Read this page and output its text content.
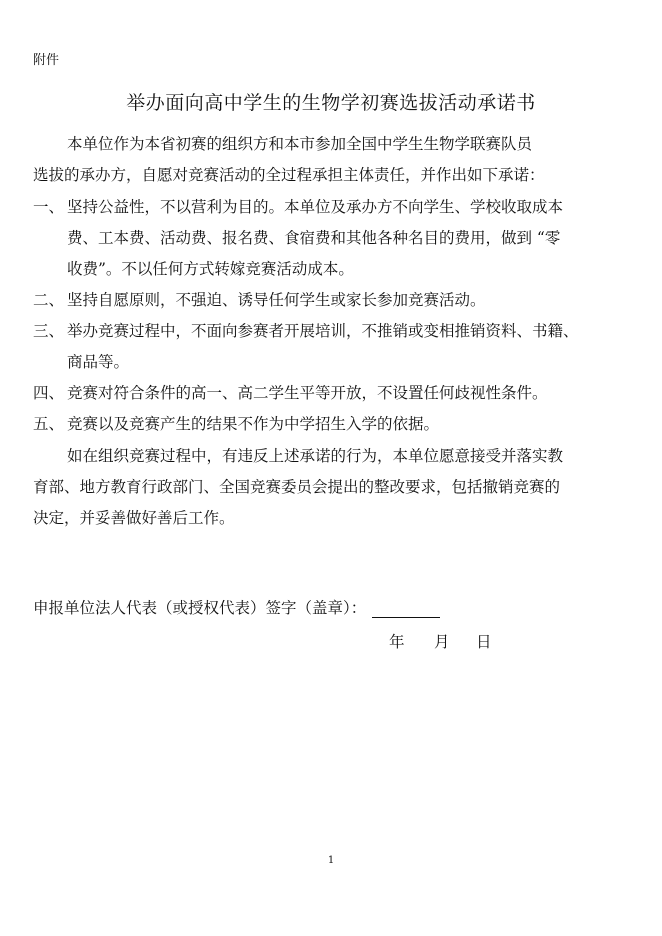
附件
举办面向高中学生的生物学初赛选拔活动承诺书
本单位作为本省初赛的组织方和本市参加全国中学生生物学联赛队员
选拔的承办方，自愿对竞赛活动的全过程承担主体责任，并作出如下承诺：
一、 坚持公益性，不以营利为目的。本单位及承办方不向学生、学校收取成本
费、工本费、活动费、报名费、食宿费和其他各种名目的费用，做到 “零
收费”。不以任何方式转嫁竞赛活动成本。
二、 坚持自愿原则，不强迫、诱导任何学生或家长参加竞赛活动。
三、 举办竞赛过程中，不面向参赛者开展培训，不推销或变相推销资料、书籍、
商品等。
四、 竞赛对符合条件的高一、高二学生平等开放，不设置任何歧视性条件。
五、 竞赛以及竞赛产生的结果不作为中学招生入学的依据。
如在组织竞赛过程中，有违反上述承诺的行为，本单位愿意接受并落实教
育部、地方教育行政部门、全国竞赛委员会提出的整改要求，包括撤销竞赛的
决定，并妥善做好善后工作。
申报单位法人代表（或授权代表）签字（盖章）：
年 月 日
1
